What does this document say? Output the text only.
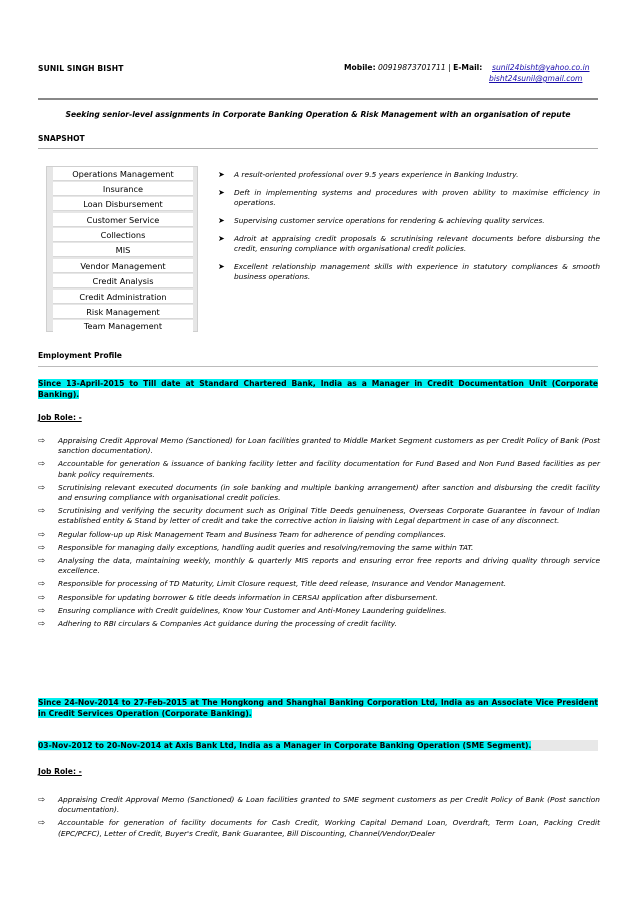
SUNIL SINGH BISHT	Mobile: 00919873701711 | E-Mail: sunil24bisht@yahoo.co.in
bisht24sunil@gmail.com
Seeking senior-level assignments in Corporate Banking Operation & Risk Management with an organisation of repute
SNAPSHOT
Operations Management
Insurance
Loan Disbursement
Customer Service
Collections
MIS
Vendor Management
Credit Analysis
Credit Administration
Risk Management
Team Management
➤ A result-oriented professional over 9.5 years experience in Banking Industry.
➤ Deft in implementing systems and procedures with proven ability to maximise efficiency in operations.
➤ Supervising customer service operations for rendering & achieving quality services.
➤ Adroit at appraising credit proposals & scrutinising relevant documents before disbursing the credit, ensuring compliance with organisational credit policies.
➤ Excellent relationship management skills with experience in statutory compliances & smooth business operations.
Employment Profile
Since 13-April-2015 to Till date at Standard Chartered Bank, India as a Manager in Credit Documentation Unit (Corporate Banking).
Job Role: -
⇨ Appraising Credit Approval Memo (Sanctioned) for Loan facilities granted to Middle Market Segment customers as per Credit Policy of Bank (Post sanction documentation).
⇨ Accountable for generation & issuance of banking facility letter and facility documentation for Fund Based and Non Fund Based facilities as per bank policy requirements.
⇨ Scrutinising relevant executed documents (in sole banking and multiple banking arrangement) after sanction and disbursing the credit facility and ensuring compliance with organisational credit policies.
⇨ Scrutinising and verifying the security document such as Original Title Deeds genuineness, Overseas Corporate Guarantee in favour of Indian established entity & Stand by letter of credit and take the corrective action in liaising with Legal department in case of any disconnect.
⇨ Regular follow-up up Risk Management Team and Business Team for adherence of pending compliances.
⇨ Responsible for managing daily exceptions, handling audit queries and resolving/removing the same within TAT.
⇨ Analysing the data, maintaining weekly, monthly & quarterly MIS reports and ensuring error free reports and driving quality through service excellence.
⇨ Responsible for processing of TD Maturity, Limit Closure request, Title deed release, Insurance and Vendor Management.
⇨ Responsible for updating borrower & title deeds information in CERSAI application after disbursement.
⇨ Ensuring compliance with Credit guidelines, Know Your Customer and Anti-Money Laundering guidelines.
⇨ Adhering to RBI circulars & Companies Act guidance during the processing of credit facility.
Since 24-Nov-2014 to 27-Feb-2015 at The Hongkong and Shanghai Banking Corporation Ltd, India as an Associate Vice President in Credit Services Operation (Corporate Banking).
03-Nov-2012 to 20-Nov-2014 at Axis Bank Ltd, India as a Manager in Corporate Banking Operation (SME Segment).
Job Role: -
⇨ Appraising Credit Approval Memo (Sanctioned) & Loan facilities granted to SME segment customers as per Credit Policy of Bank (Post sanction documentation).
⇨ Accountable for generation of facility documents for Cash Credit, Working Capital Demand Loan, Overdraft, Term Loan, Packing Credit (EPC/PCFC), Letter of Credit, Buyer's Credit, Bank Guarantee, Bill Discounting, Channel/Vendor/Dealer
